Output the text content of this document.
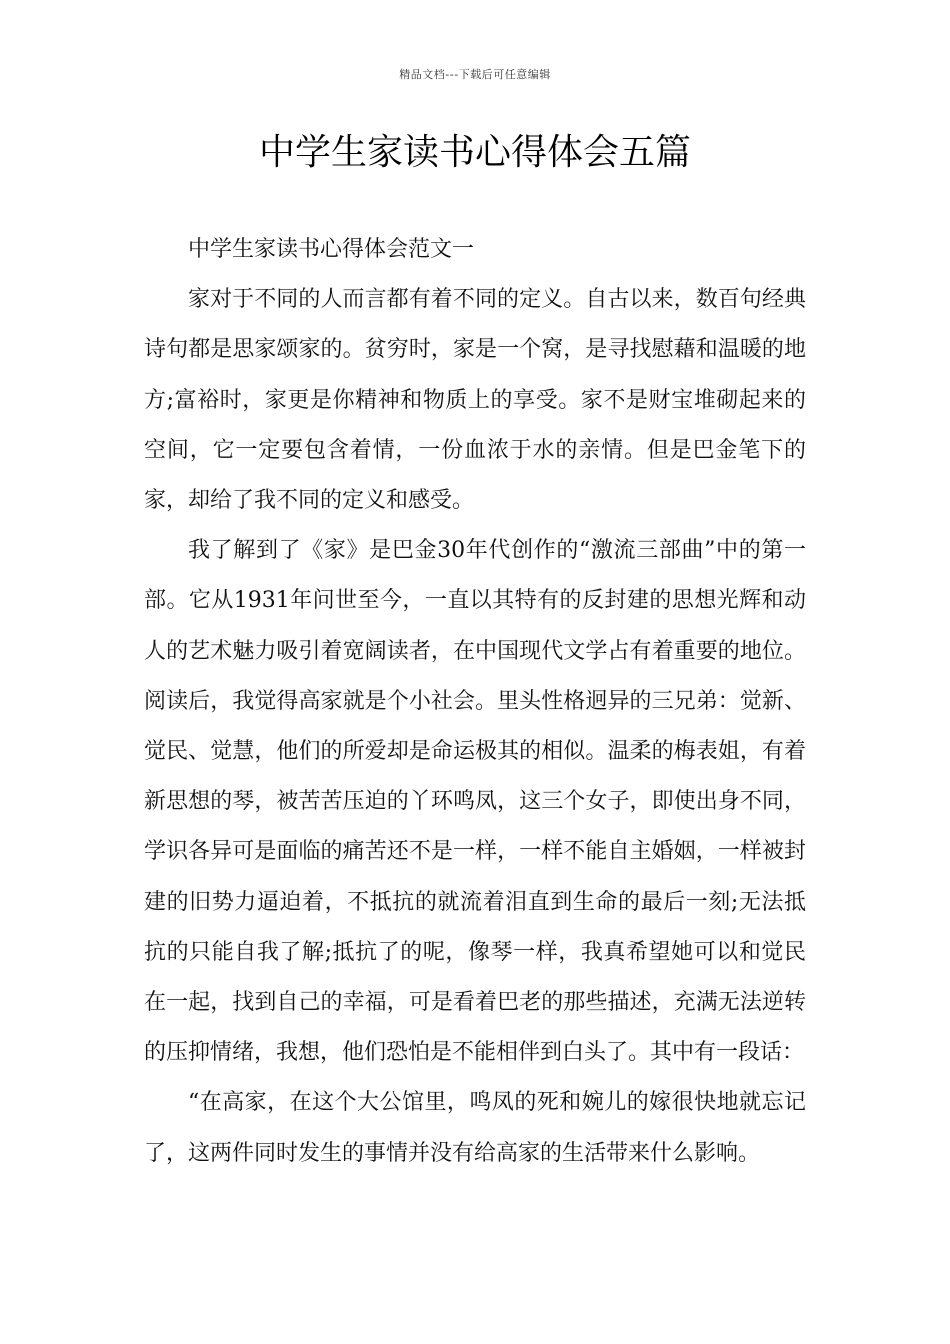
精品文档---下载后可任意编辑
中学生家读书心得体会五篇

中学生家读书心得体会范文一

家对于不同的人而言都有着不同的定义。自古以来，数百句经典诗句都是思家颂家的。贫穷时，家是一个窝，是寻找慰藉和温暖的地方;富裕时，家更是你精神和物质上的享受。家不是财宝堆砌起来的空间，它一定要包含着情，一份血浓于水的亲情。但是巴金笔下的家，却给了我不同的定义和感受。

我了解到了《家》是巴金30年代创作的“激流三部曲”中的第一部。它从1931年问世至今，一直以其特有的反封建的思想光辉和动人的艺术魅力吸引着宽阔读者，在中国现代文学占有着重要的地位。阅读后，我觉得高家就是个小社会。里头性格迥异的三兄弟：觉新、觉民、觉慧，他们的所爱却是命运极其的相似。温柔的梅表姐，有着新思想的琴，被苦苦压迫的丫环鸣凤，这三个女子，即使出身不同，学识各异可是面临的痛苦还不是一样，一样不能自主婚姻，一样被封建的旧势力逼迫着，不抵抗的就流着泪直到生命的最后一刻;无法抵抗的只能自我了解;抵抗了的呢，像琴一样，我真希望她可以和觉民在一起，找到自己的幸福，可是看着巴老的那些描述，充满无法逆转的压抑情绪，我想，他们恐怕是不能相伴到白头了。其中有一段话：

“在高家，在这个大公馆里，鸣凤的死和婉儿的嫁很快地就忘记了，这两件同时发生的事情并没有给高家的生活带来什么影响。
